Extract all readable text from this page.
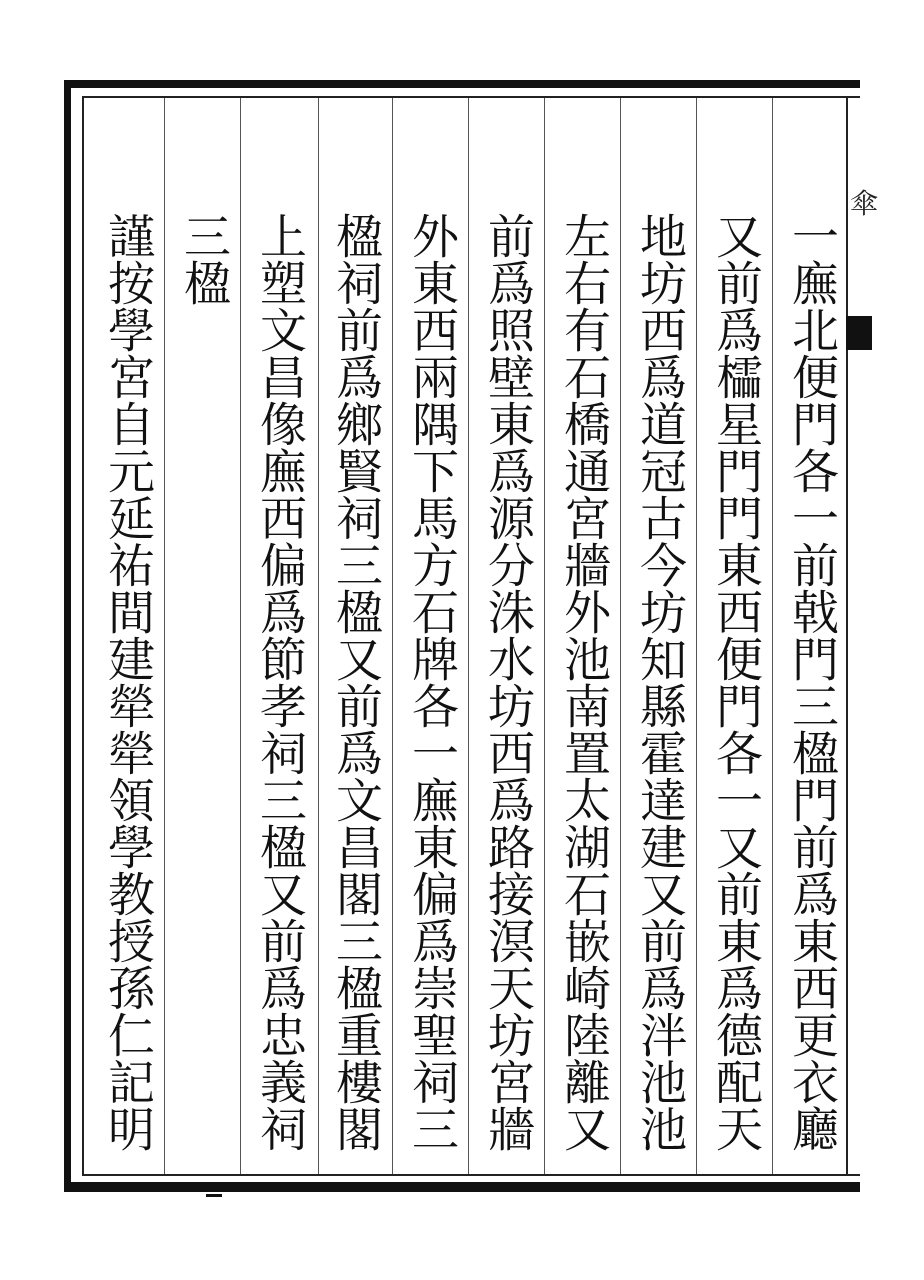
傘
一廡北便門各一前戟門三楹門前爲東西更衣廳
又前爲櫺星門門東西便門各一又前東爲德配天
地坊西爲道冠古今坊知縣霍達建又前爲泮池池
左右有石橋通宮牆外池南置太湖石嵌崎陸離又
前爲照壁東爲源分洙水坊西爲路接溟天坊宮牆
外東西兩隅下馬方石牌各一廡東偏爲崇聖祠三
楹祠前爲鄉賢祠三楹又前爲文昌閣三楹重樓閣
上塑文昌像廡西偏爲節孝祠三楹又前爲忠義祠
三楹
謹按學宮自元延祐間建犖犖領學教授孫仁記明
